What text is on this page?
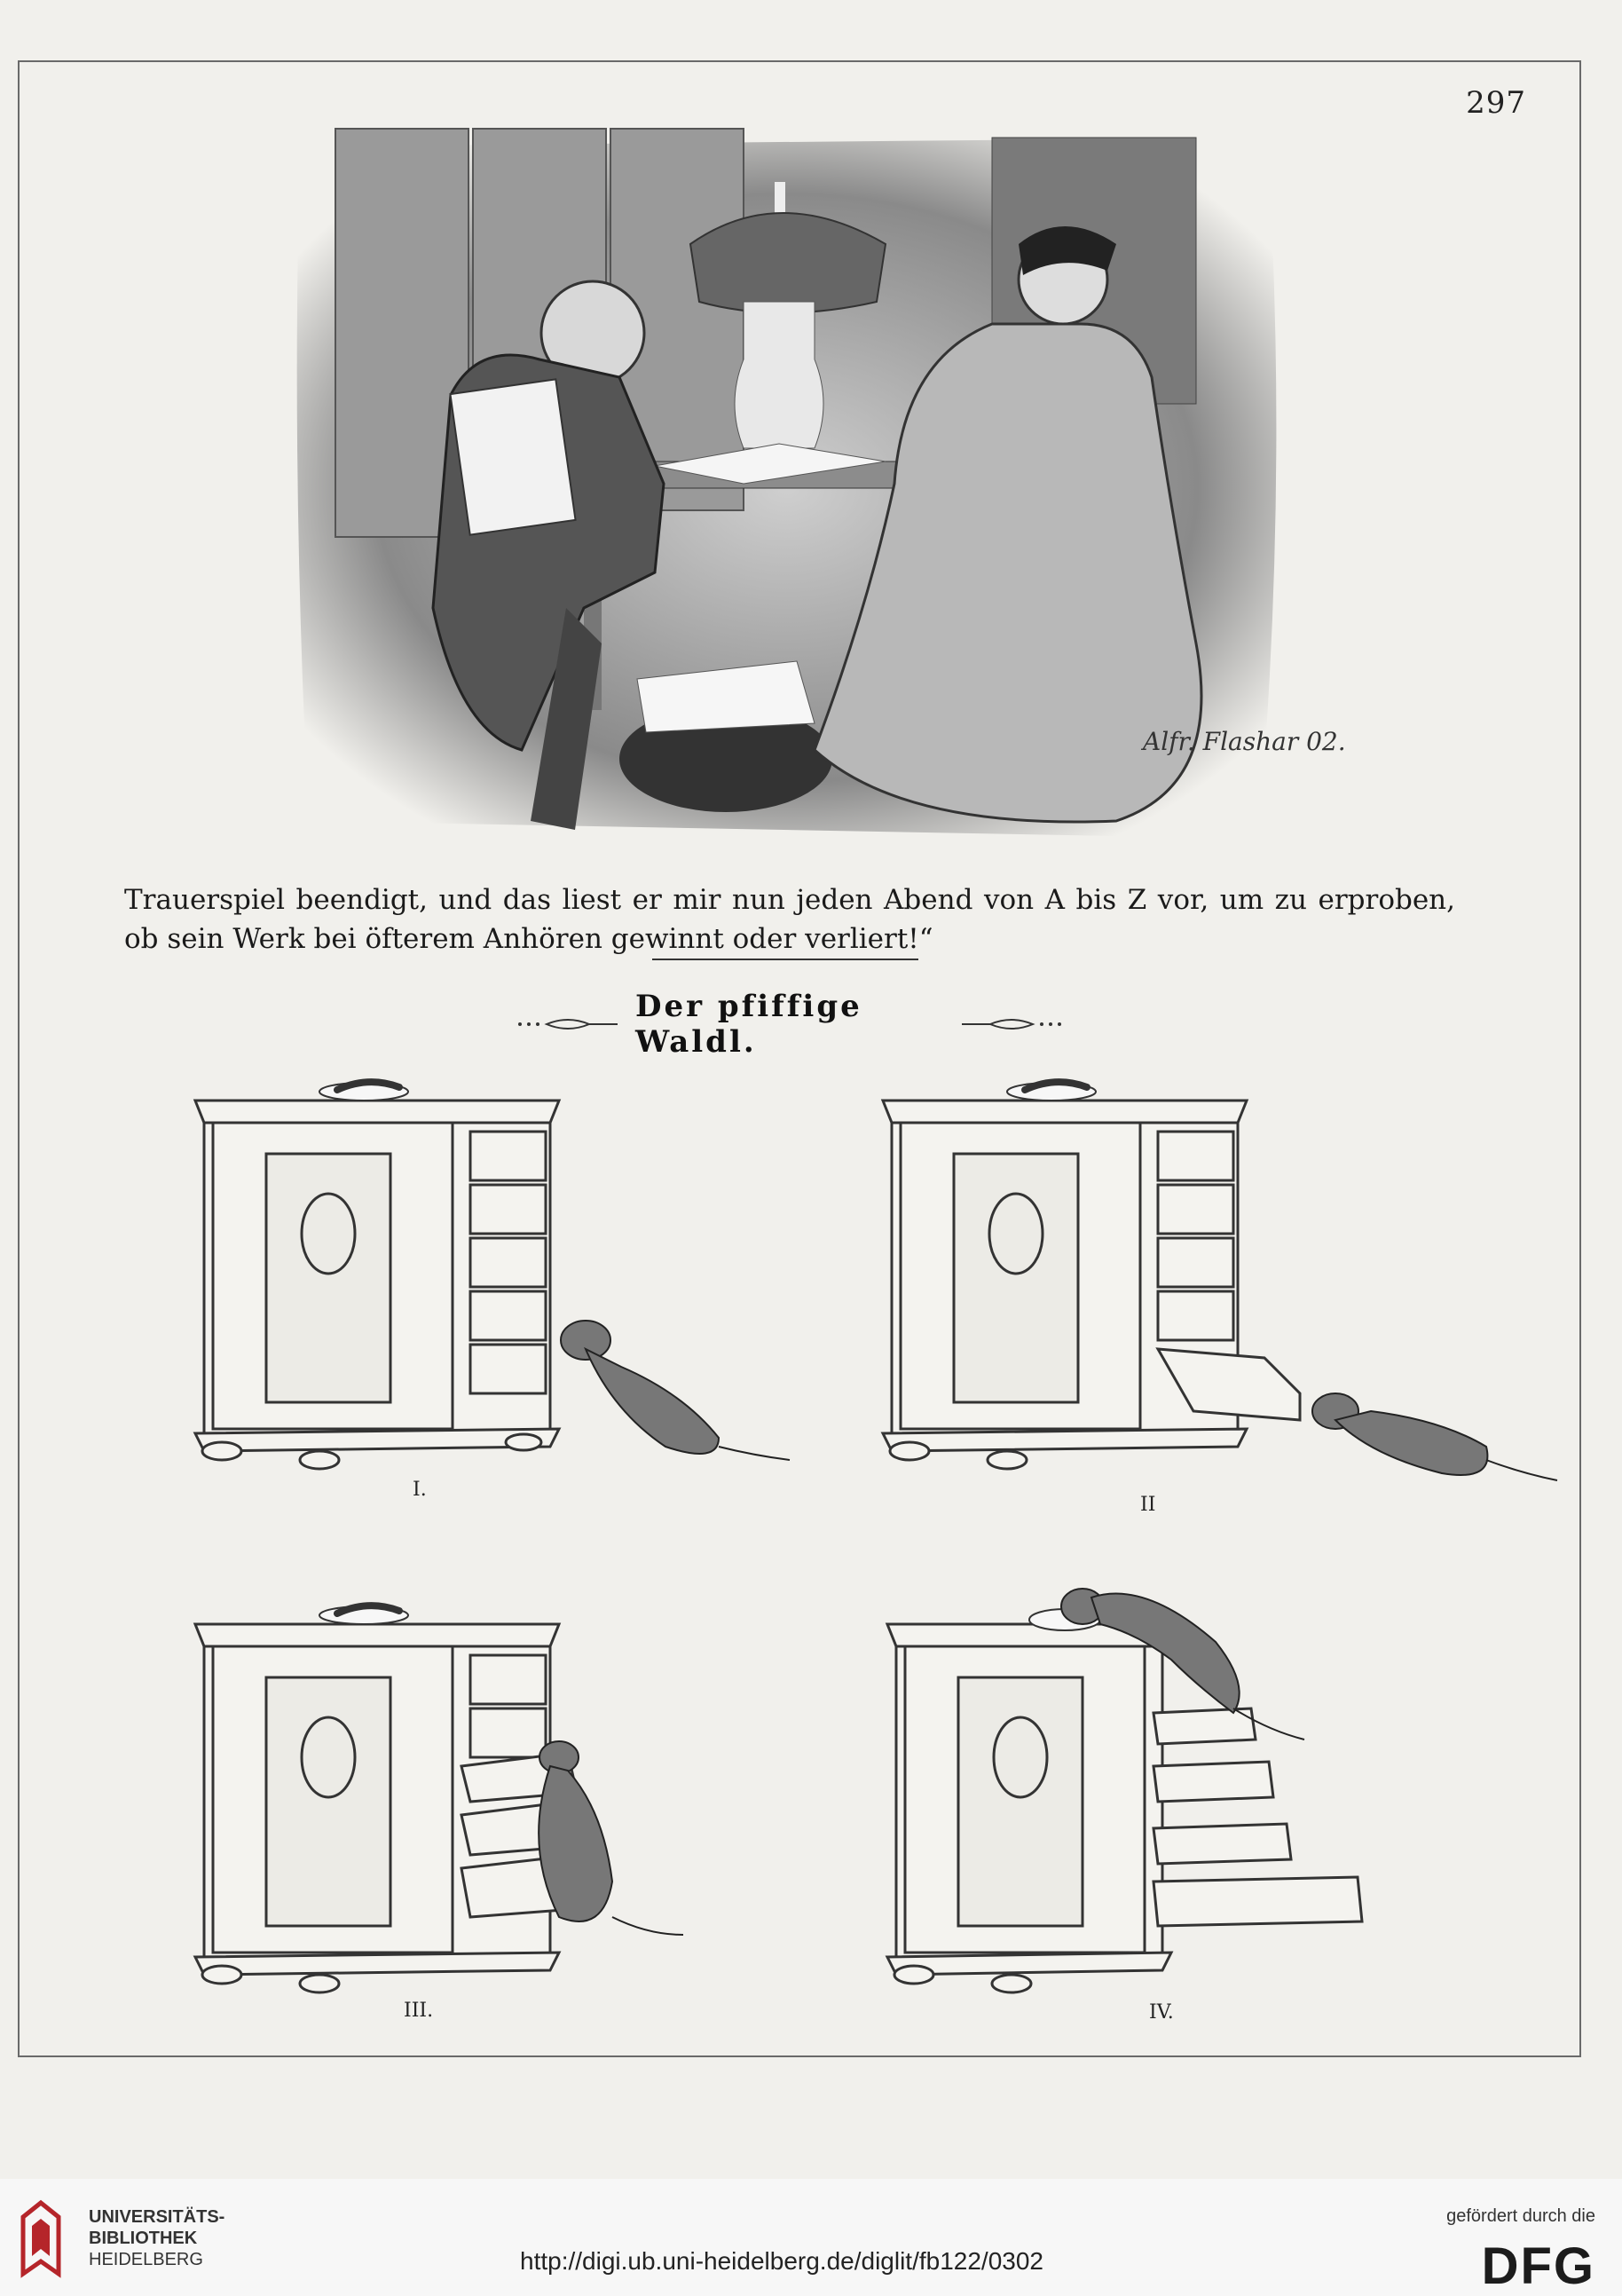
297
Alfr. Flashar 02.
Trauerspiel beendigt, und das liest er mir nun jeden Abend von A bis Z vor, um zu erproben, ob sein Werk bei öfterem Anhören gewinnt oder verliert!“
Der pfiffige Waldl.
I.
II
III.	IV.
UNIVERSITÄTS-
BIBLIOTHEK
HEIDELBERG	http://digi.ub.uni-heidelberg.de/diglit/fb122/0302
gefördert durch die
DFG
